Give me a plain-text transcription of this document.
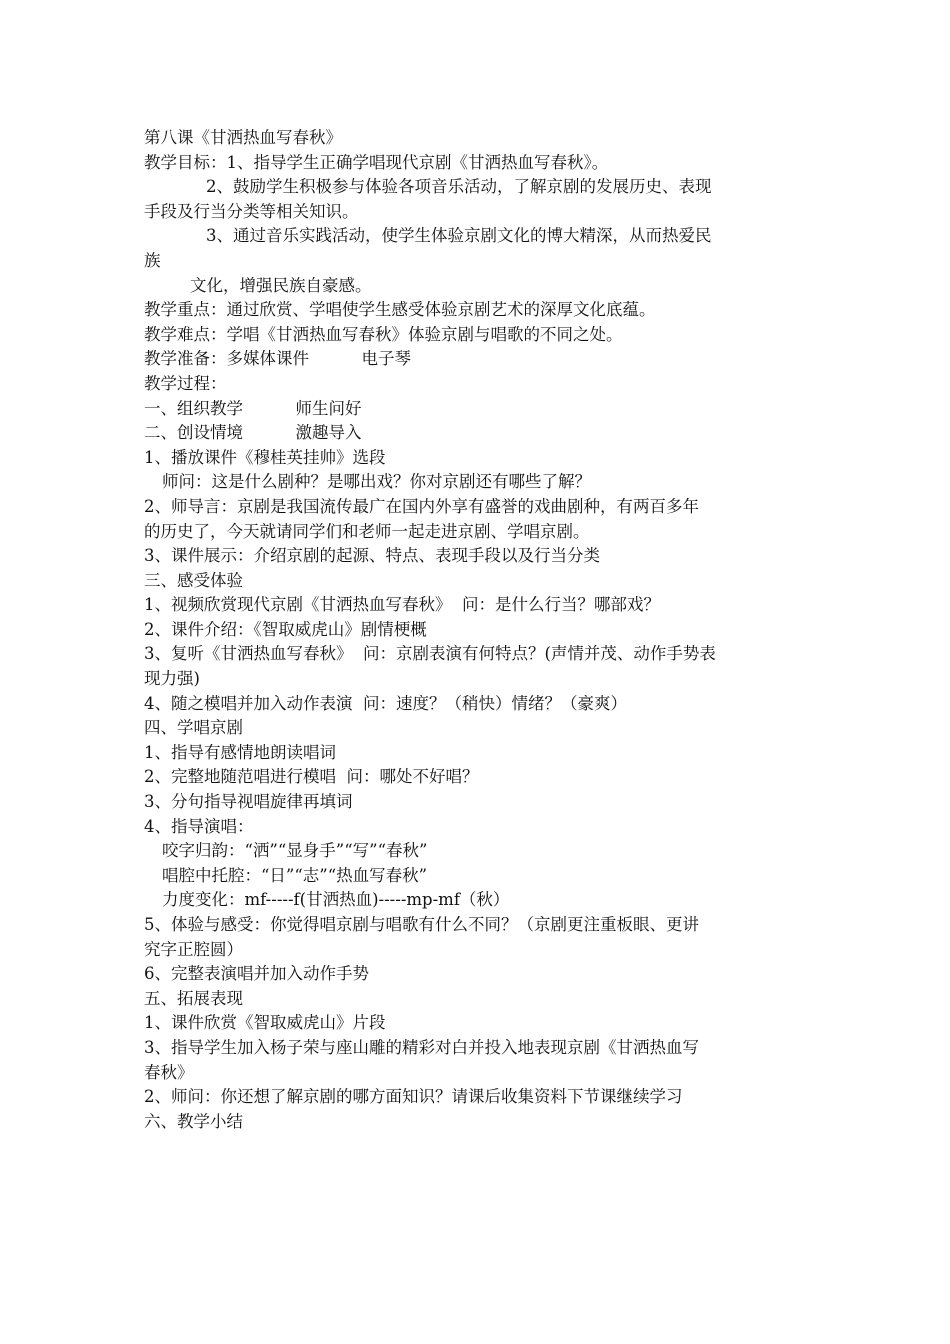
第八课《甘洒热血写春秋》
教学目标：1、指导学生正确学唱现代京剧《甘洒热血写春秋》。
2、鼓励学生积极参与体验各项音乐活动，了解京剧的发展历史、表现
手段及行当分类等相关知识。
3、通过音乐实践活动，使学生体验京剧文化的博大精深，从而热爱民
族
文化，增强民族自豪感。
教学重点：通过欣赏、学唱使学生感受体验京剧艺术的深厚文化底蕴。
教学难点：学唱《甘洒热血写春秋》体验京剧与唱歌的不同之处。
教学准备：多媒体课件          电子琴
教学过程：
一、组织教学          师生问好
二、创设情境          激趣导入
1、播放课件《穆桂英挂帅》选段
师问：这是什么剧种？是哪出戏？你对京剧还有哪些了解？
2、师导言：京剧是我国流传最广在国内外享有盛誉的戏曲剧种，有两百多年
的历史了，今天就请同学们和老师一起走进京剧、学唱京剧。
3、课件展示：介绍京剧的起源、特点、表现手段以及行当分类
三、感受体验
1、视频欣赏现代京剧《甘洒热血写春秋》  问：是什么行当？哪部戏？
2、课件介绍：《智取威虎山》剧情梗概
3、复听《甘洒热血写春秋》  问：京剧表演有何特点？(声情并茂、动作手势表
现力强)
4、随之模唱并加入动作表演  问：速度？（稍快）情绪？（豪爽）
四、学唱京剧
1、指导有感情地朗读唱词
2、完整地随范唱进行模唱  问：哪处不好唱？
3、分句指导视唱旋律再填词
4、指导演唱：
咬字归韵：“洒”“显身手”“写”“春秋”
唱腔中托腔：“日”“志”“热血写春秋”
力度变化：mf-----f(甘洒热血)-----mp-mf（秋）
5、体验与感受：你觉得唱京剧与唱歌有什么不同？（京剧更注重板眼、更讲
究字正腔圆）
6、完整表演唱并加入动作手势
五、拓展表现
1、课件欣赏《智取威虎山》片段
3、指导学生加入杨子荣与座山雕的精彩对白并投入地表现京剧《甘洒热血写
春秋》
2、师问：你还想了解京剧的哪方面知识？请课后收集资料下节课继续学习
六、教学小结
